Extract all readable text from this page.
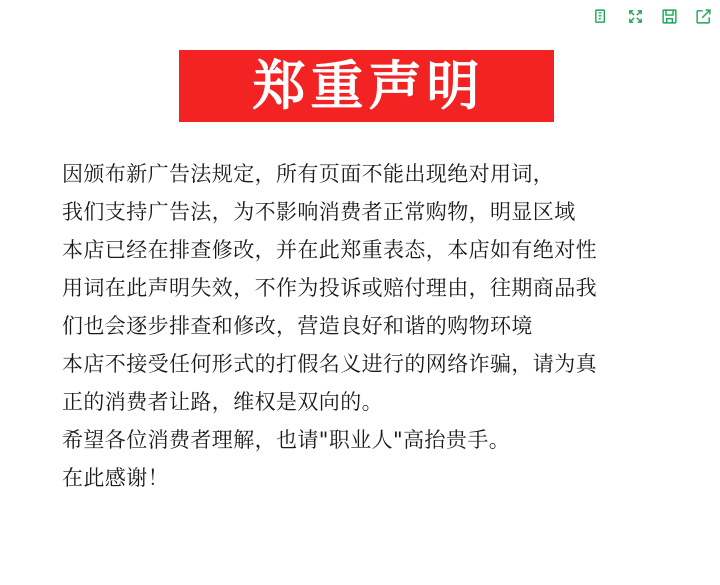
郑重声明
因颁布新广告法规定，所有页面不能出现绝对用词，
我们支持广告法，为不影响消费者正常购物，明显区域
本店已经在排查修改，并在此郑重表态，本店如有绝对性
用词在此声明失效，不作为投诉或赔付理由，往期商品我
们也会逐步排查和修改，营造良好和谐的购物环境
本店不接受任何形式的打假名义进行的网络诈骗，请为真
正的消费者让路，维权是双向的。
希望各位消费者理解，也请"职业人"高抬贵手。
在此感谢！
